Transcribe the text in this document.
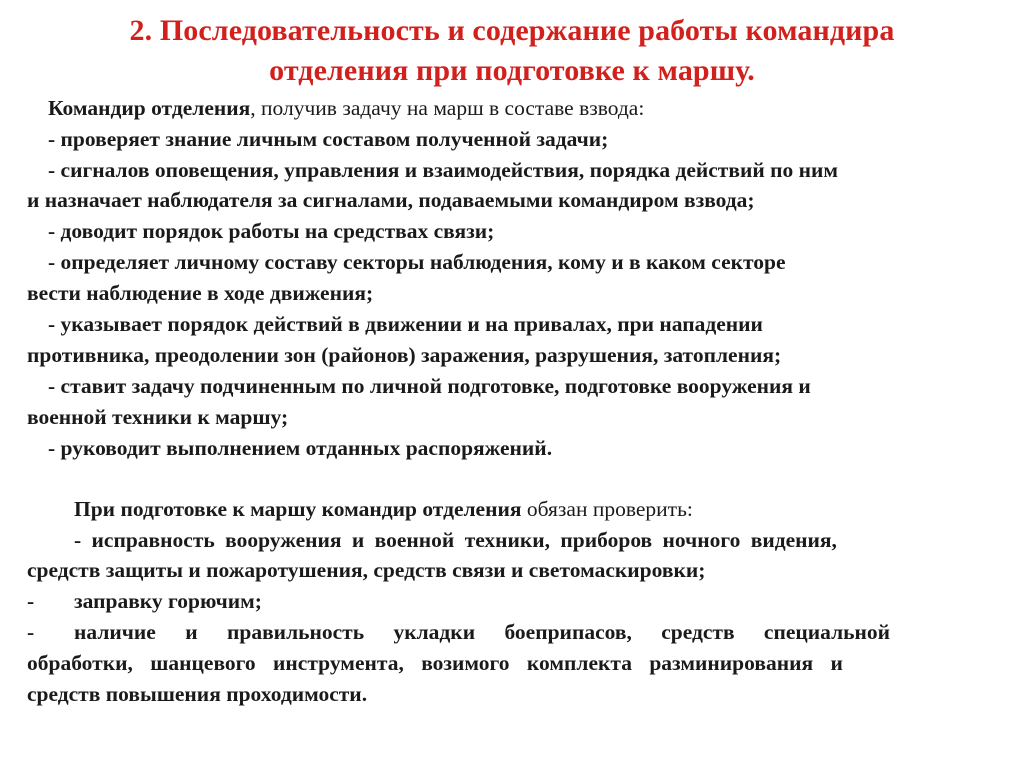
2. Последовательность и содержание работы командира
отделения при подготовке к маршу.
Командир отделения, получив задачу на марш в составе взвода:
- проверяет знание личным составом полученной задачи;
- сигналов оповещения, управления и взаимодействия, порядка действий по ним
и назначает наблюдателя за сигналами, подаваемыми командиром взвода;
- доводит порядок работы на средствах связи;
- определяет личному составу секторы наблюдения, кому и в каком секторе
вести наблюдение в ходе движения;
- указывает порядок действий в движении и на привалах, при нападении
противника, преодолении зон (районов) заражения, разрушения, затопления;
- ставит задачу подчиненным по личной подготовке, подготовке вооружения и
военной техники к маршу;
- руководит выполнением отданных распоряжений.
При подготовке к маршу командир отделения обязан проверить:
- исправность вооружения и военной техники, приборов ночного видения,
средств защиты и пожаротушения, средств связи и светомаскировки;
- заправку горючим;
- наличие и правильность укладки боеприпасов, средств специальной
обработки, шанцевого инструмента, возимого комплекта разминирования и
средств повышения проходимости.
